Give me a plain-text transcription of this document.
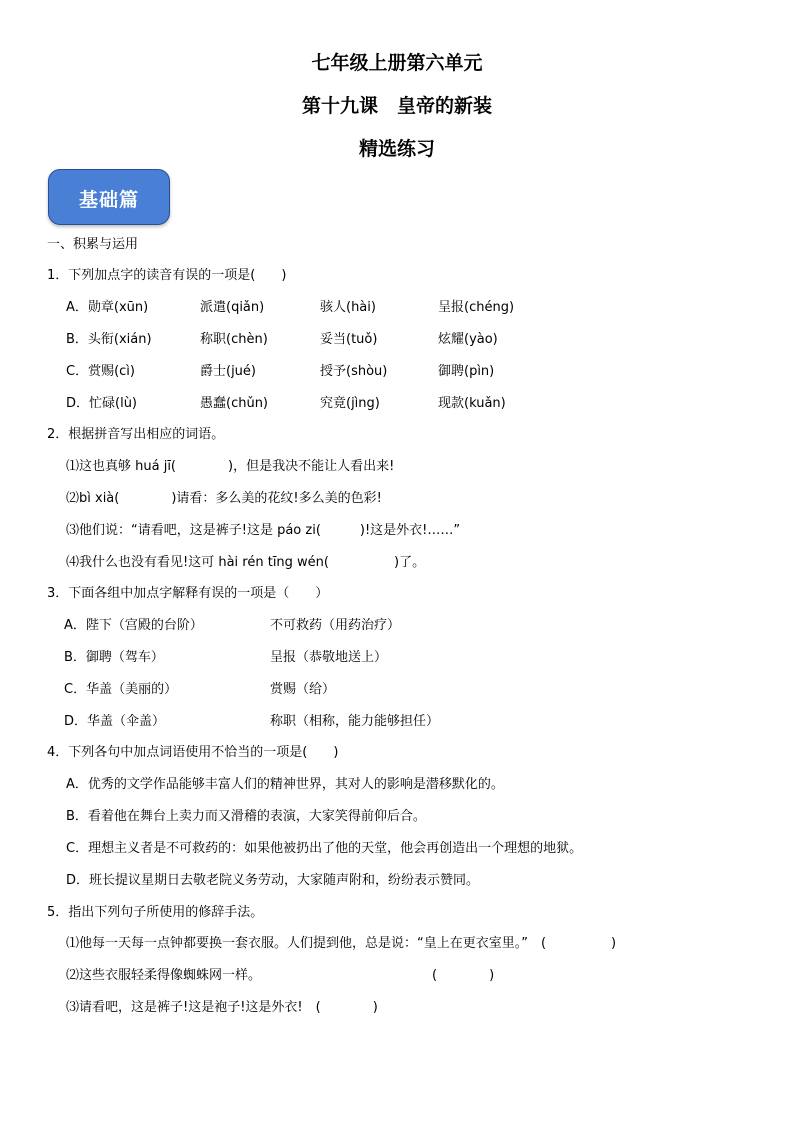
七年级上册第六单元
第十九课　皇帝的新装
精选练习
基础篇
一、积累与运用
1．下列加点字的读音有误的一项是(　　)
A．勋章(xūn)	派遣(qiǎn)	骇人(hài)	呈报(chéng)
B．头衔(xián)	称职(chèn)	妥当(tuǒ)	炫耀(yào)
C．赏赐(cì)	爵士(jué)	授予(shòu)	御聘(pìn)
D．忙碌(lù)	愚蠢(chǔn)	究竟(jìng)	现款(kuǎn)
2．根据拼音写出相应的词语。
⑴这也真够 huá jī(　　　　)，但是我决不能让人看出来!
⑵bì xià(　　　　)请看：多么美的花纹!多么美的色彩!
⑶他们说：“请看吧，这是裤子!这是 páo zi(　　　)!这是外衣!……”
⑷我什么也没有看见!这可 hài rén tīng wén(　　　　　)了。
3．下面各组中加点字解释有误的一项是（　　）
A．陛下（宫殿的台阶）	不可救药（用药治疗）
B．御聘（驾车）	呈报（恭敬地送上）
C．华盖（美丽的）	赏赐（给）
D．华盖（伞盖）	称职（相称，能力能够担任）
4．下列各句中加点词语使用不恰当的一项是(　　)
A．优秀的文学作品能够丰富人们的精神世界，其对人的影响是潜移默化的。
B．看着他在舞台上卖力而又滑稽的表演，大家笑得前仰后合。
C．理想主义者是不可救药的：如果他被扔出了他的天堂，他会再创造出一个理想的地狱。
D．班长提议星期日去敬老院义务劳动，大家随声附和，纷纷表示赞同。
5．指出下列句子所使用的修辞手法。
⑴他每一天每一点钟都要换一套衣服。人们提到他，总是说：“皇上在更衣室里。”　(　　　　　)
⑵这些衣服轻柔得像蜘蛛网一样。	(　　　　)
⑶请看吧，这是裤子!这是袍子!这是外衣!　(　　　　)
